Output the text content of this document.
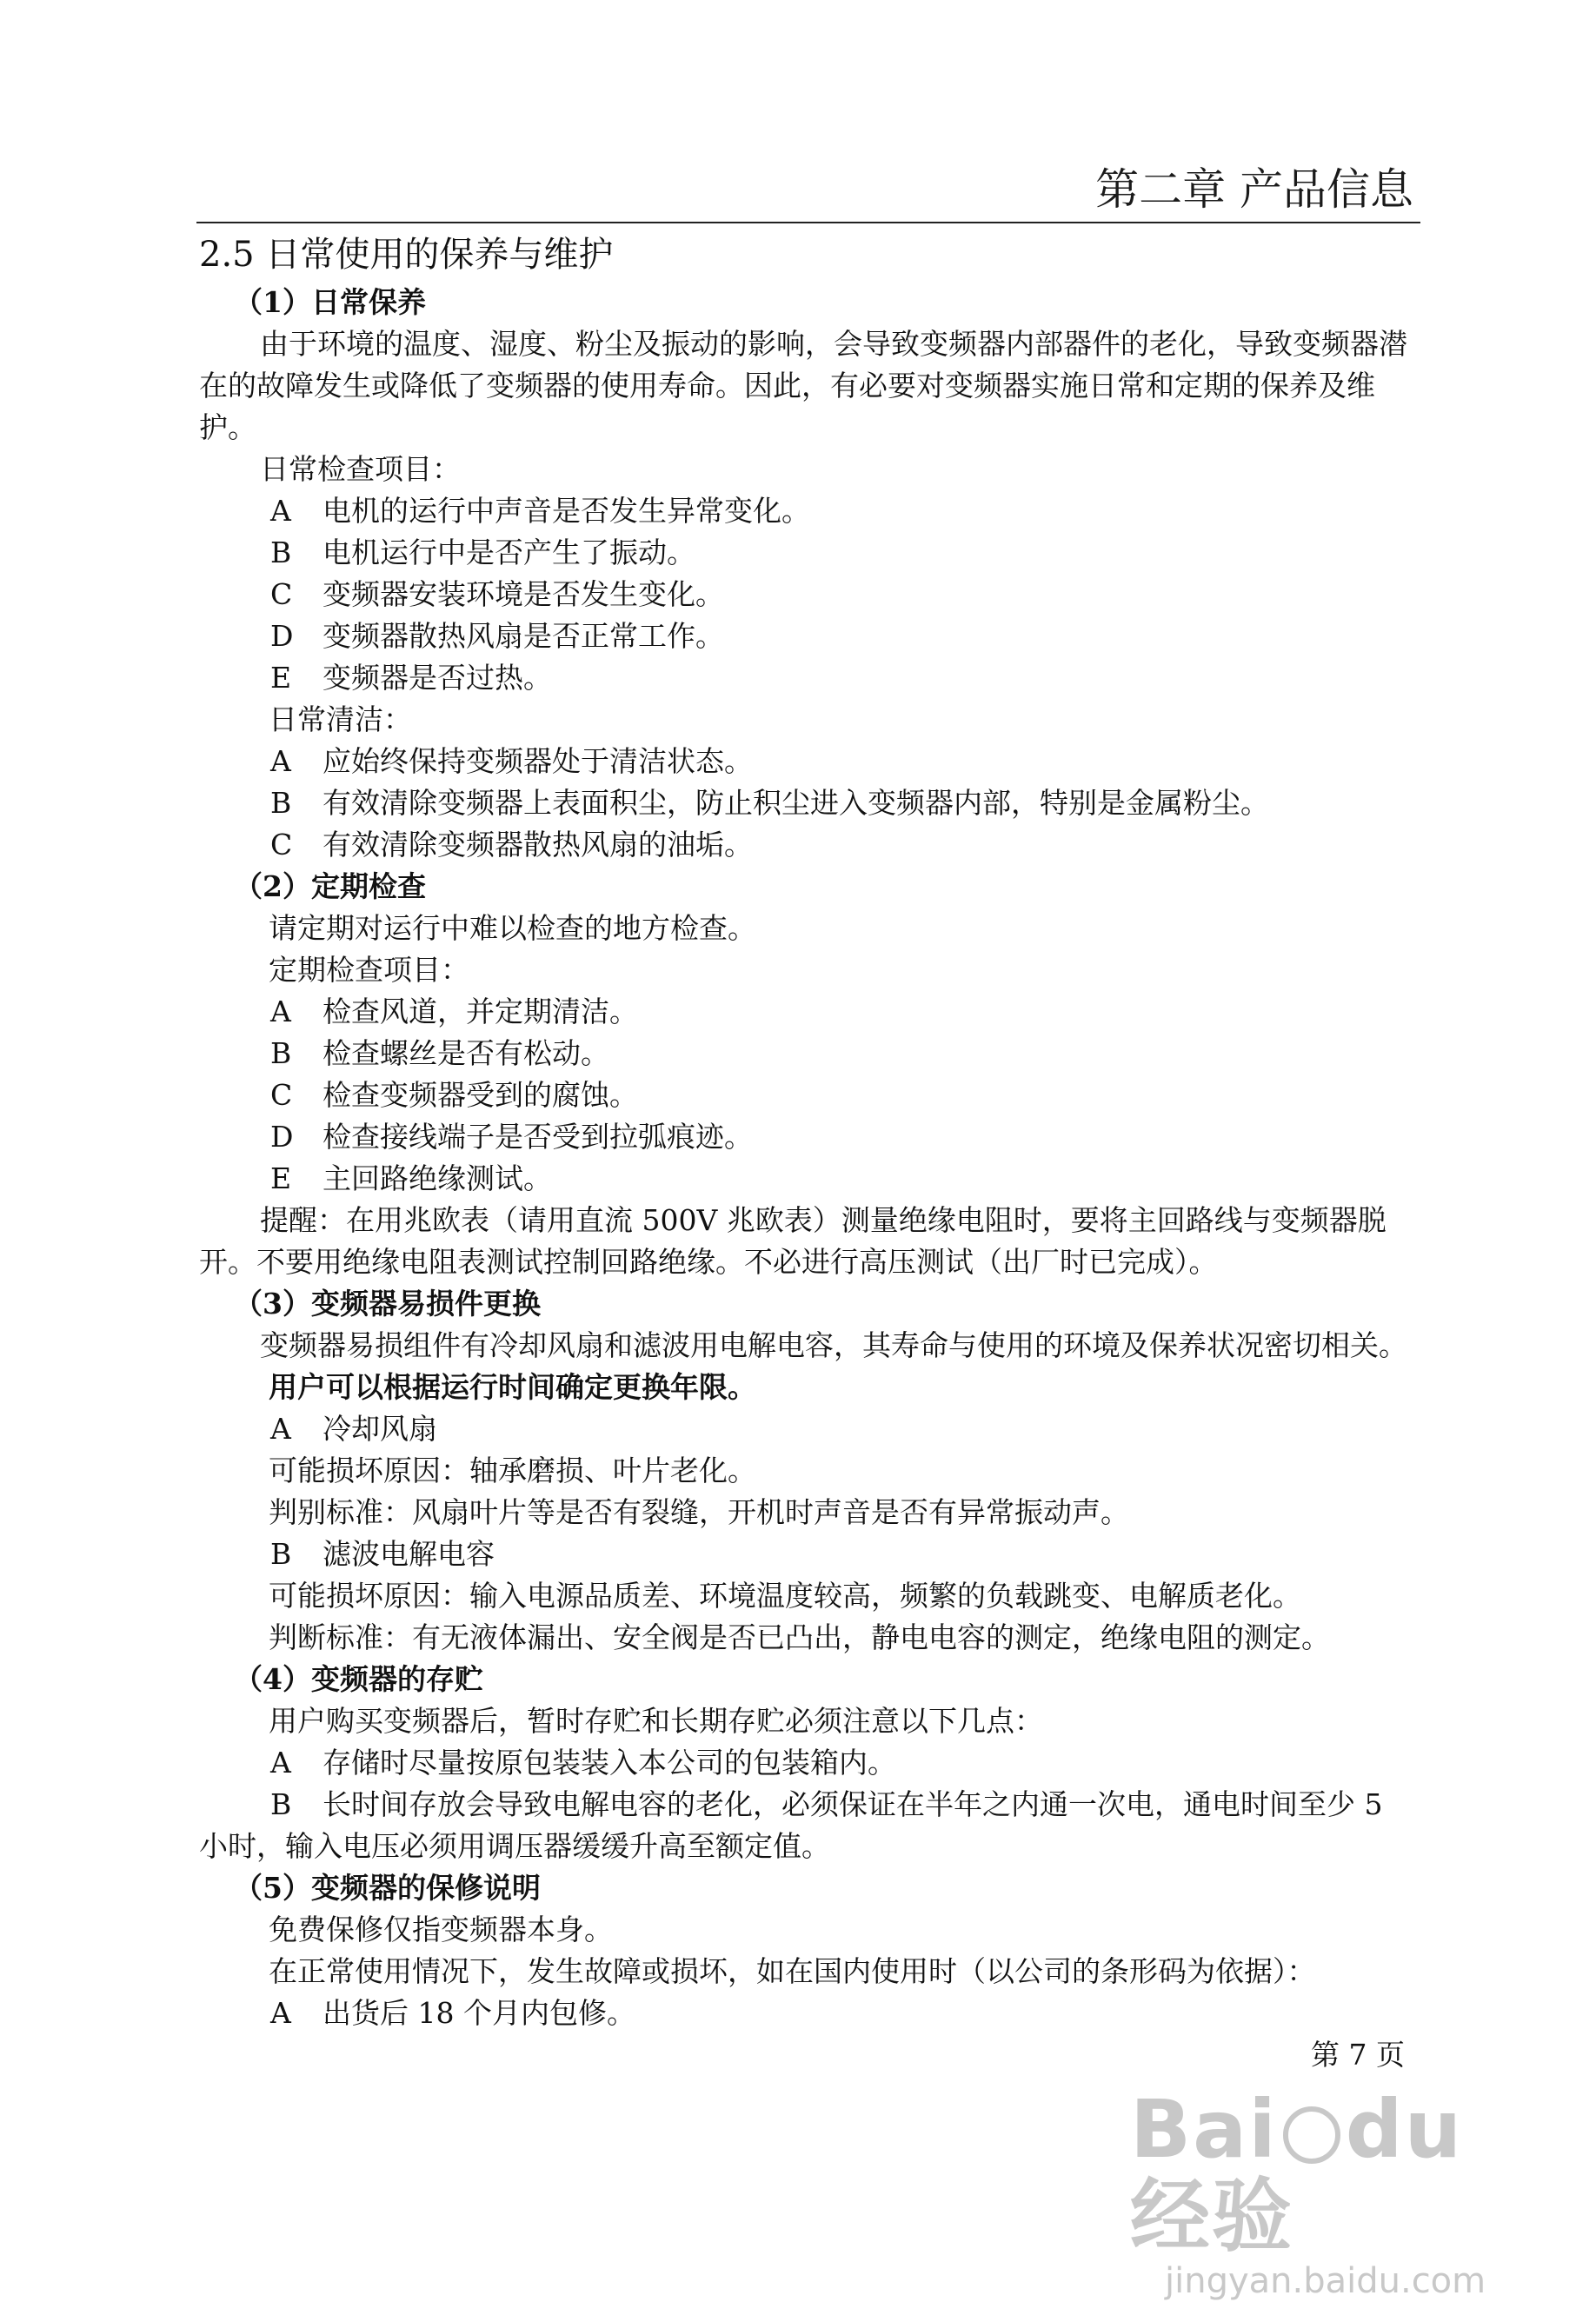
第二章 产品信息
2.5 日常使用的保养与维护
（1）日常保养

由于环境的温度、湿度、粉尘及振动的影响，会导致变频器内部器件的老化，导致变频器潜在的故障发生或降低了变频器的使用寿命。因此，有必要对变频器实施日常和定期的保养及维护。

日常检查项目：
A 电机的运行中声音是否发生异常变化。
B 电机运行中是否产生了振动。
C 变频器安装环境是否发生变化。
D 变频器散热风扇是否正常工作。
E 变频器是否过热。
日常清洁：
A 应始终保持变频器处于清洁状态。
B 有效清除变频器上表面积尘，防止积尘进入变频器内部，特别是金属粉尘。
C 有效清除变频器散热风扇的油垢。
（2）定期检查
请定期对运行中难以检查的地方检查。
定期检查项目：
A 检查风道，并定期清洁。
B 检查螺丝是否有松动。
C 检查变频器受到的腐蚀。
D 检查接线端子是否受到拉弧痕迹。
E 主回路绝缘测试。

提醒：在用兆欧表（请用直流 500V 兆欧表）测量绝缘电阻时，要将主回路线与变频器脱开。不要用绝缘电阻表测试控制回路绝缘。不必进行高压测试（出厂时已完成）。

（3）变频器易损件更换

变频器易损组件有冷却风扇和滤波用电解电容，其寿命与使用的环境及保养状况密切相关。

用户可以根据运行时间确定更换年限。
A 冷却风扇
可能损坏原因：轴承磨损、叶片老化。
判别标准：风扇叶片等是否有裂缝，开机时声音是否有异常振动声。
B 滤波电解电容
可能损坏原因：输入电源品质差、环境温度较高，频繁的负载跳变、电解质老化。
判断标准：有无液体漏出、安全阀是否已凸出，静电电容的测定，绝缘电阻的测定。
（4）变频器的存贮
用户购买变频器后，暂时存贮和长期存贮必须注意以下几点：
A 存储时尽量按原包装装入本公司的包装箱内。

B 长时间存放会导致电解电容的老化，必须保证在半年之内通一次电，通电时间至少 5 小时，输入电压必须用调压器缓缓升高至额定值。

（5）变频器的保修说明
免费保修仅指变频器本身。
在正常使用情况下，发生故障或损坏，如在国内使用时（以公司的条形码为依据）：
A 出货后 18 个月内包修。
第 7 页
Bai du经验
jingyan.baidu.com
